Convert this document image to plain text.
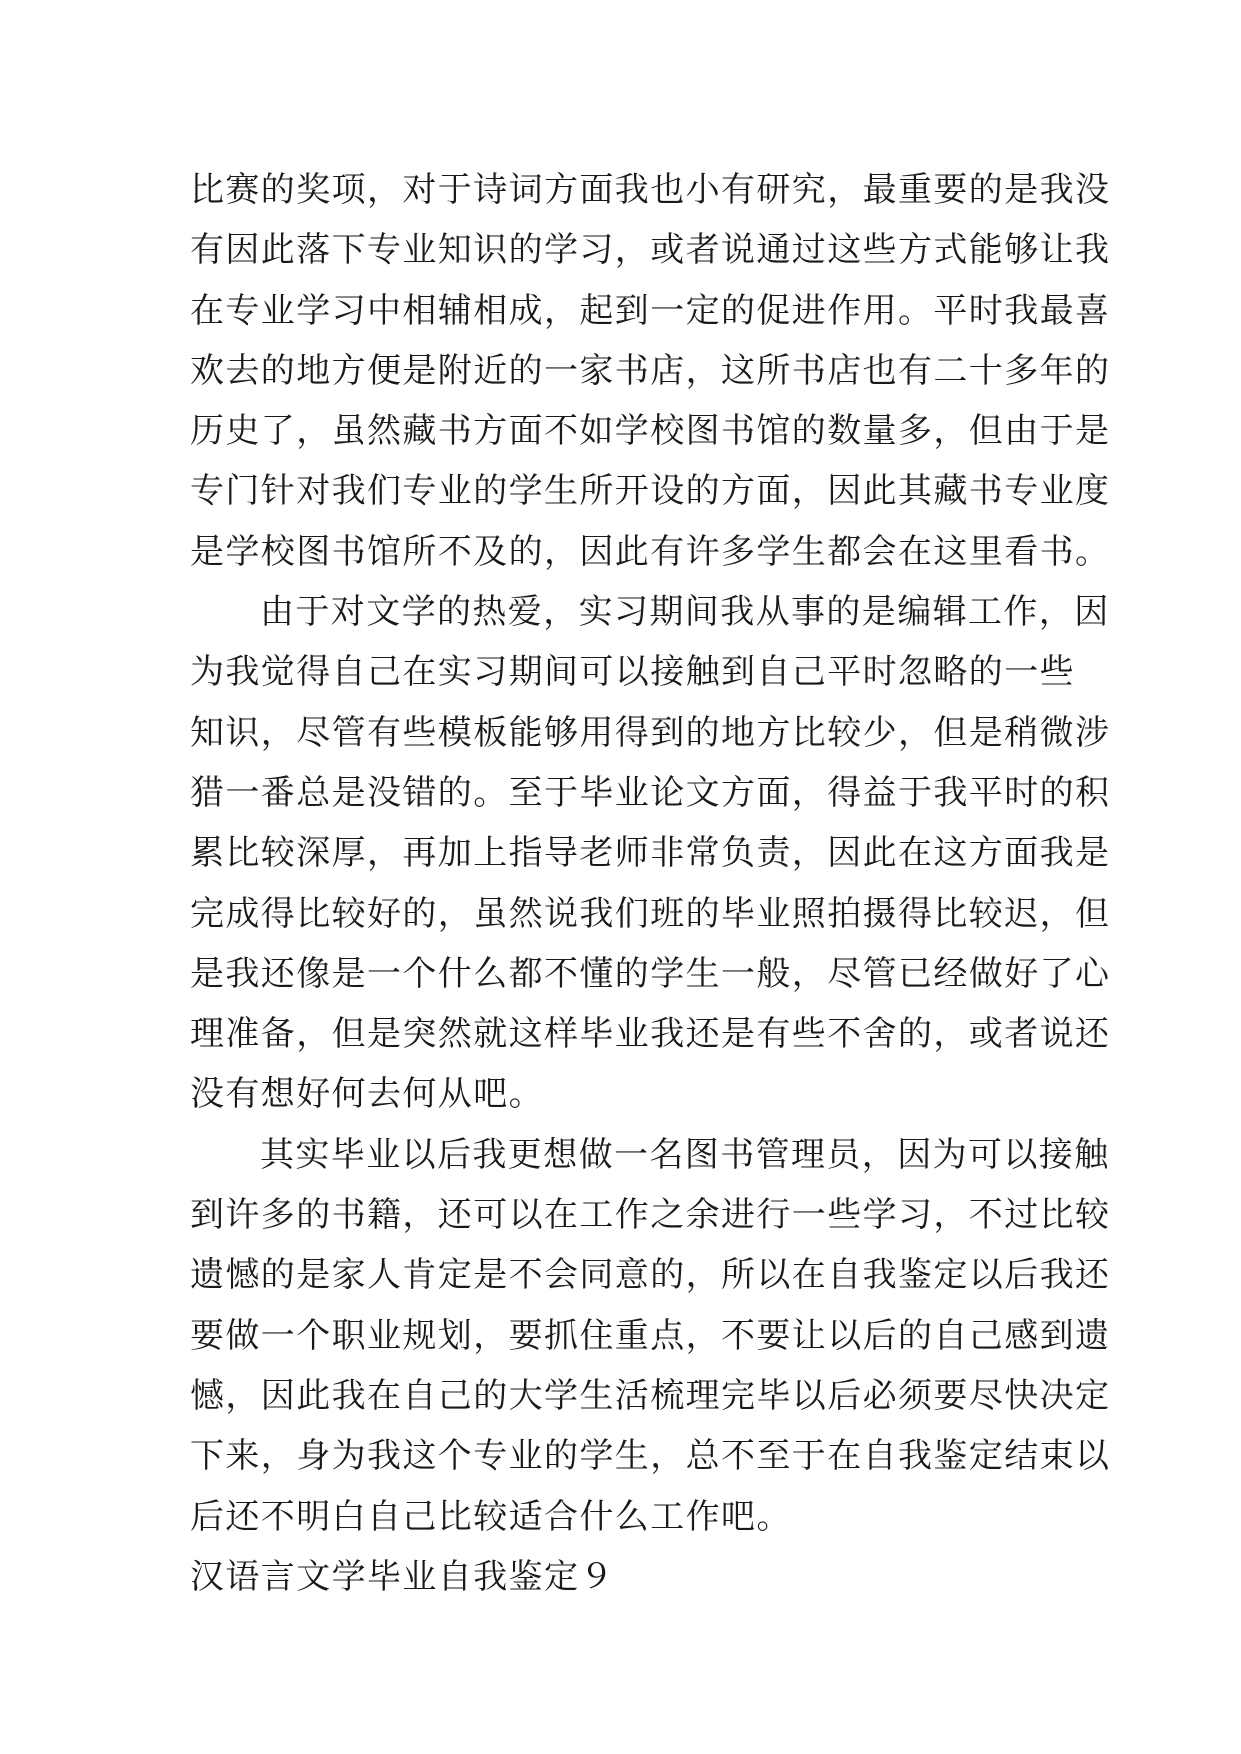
比赛的奖项，对于诗词方面我也小有研究，最重要的是我没
有因此落下专业知识的学习，或者说通过这些方式能够让我
在专业学习中相辅相成，起到一定的促进作用。平时我最喜
欢去的地方便是附近的一家书店，这所书店也有二十多年的
历史了，虽然藏书方面不如学校图书馆的数量多，但由于是
专门针对我们专业的学生所开设的方面，因此其藏书专业度
是学校图书馆所不及的，因此有许多学生都会在这里看书。
由于对文学的热爱，实习期间我从事的是编辑工作，因
为我觉得自己在实习期间可以接触到自己平时忽略的一些
知识，尽管有些模板能够用得到的地方比较少，但是稍微涉
猎一番总是没错的。至于毕业论文方面，得益于我平时的积
累比较深厚，再加上指导老师非常负责，因此在这方面我是
完成得比较好的，虽然说我们班的毕业照拍摄得比较迟，但
是我还像是一个什么都不懂的学生一般，尽管已经做好了心
理准备，但是突然就这样毕业我还是有些不舍的，或者说还
没有想好何去何从吧。
其实毕业以后我更想做一名图书管理员，因为可以接触
到许多的书籍，还可以在工作之余进行一些学习，不过比较
遗憾的是家人肯定是不会同意的，所以在自我鉴定以后我还
要做一个职业规划，要抓住重点，不要让以后的自己感到遗
憾，因此我在自己的大学生活梳理完毕以后必须要尽快决定
下来，身为我这个专业的学生，总不至于在自我鉴定结束以
后还不明白自己比较适合什么工作吧。
汉语言文学毕业自我鉴定９
